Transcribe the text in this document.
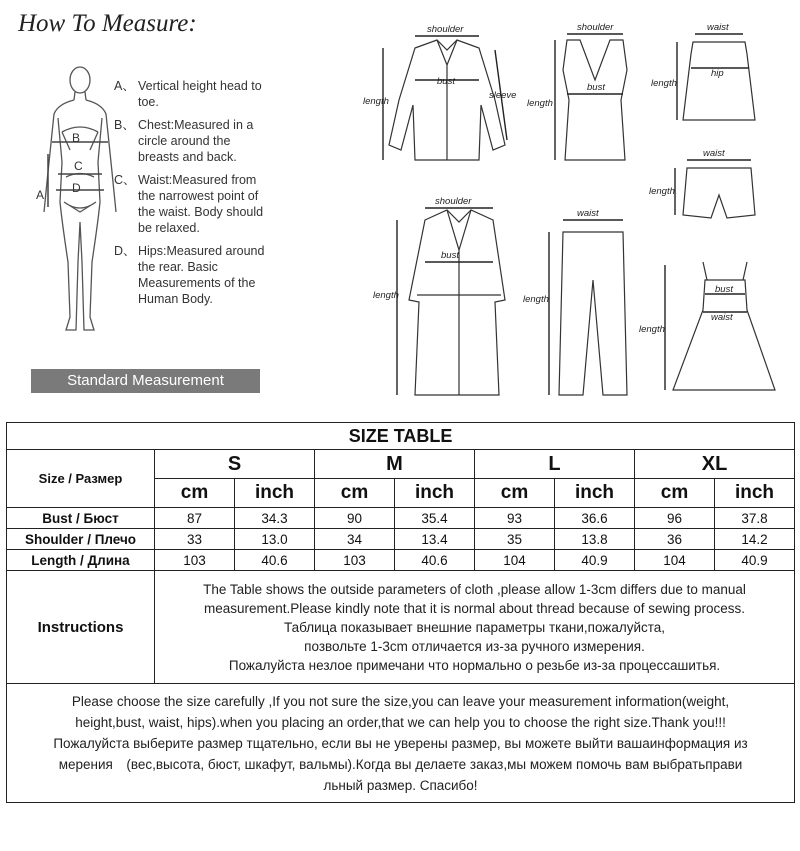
How To Measure:
B
C
D
A
A、 Vertical height head to toe.
B、 Chest:Measured in a circle around the breasts and back.
C、 Waist:Measured from the narrowest point of the waist. Body should be relaxed.
D、 Hips:Measured around the rear. Basic Measurements of the Human Body.
Standard Measurement
shoulder
bust
sleeve
length
shoulder
bust
length
waist
hip
length
waist
length
shoulder
bust
length
waist
length
bust
waist
length
SIZE TABLE								
Size / Размер	S		M		L		XL	
	cm	inch	cm	inch	cm	inch	cm	inch
Bust / Бюст	87	34.3	90	35.4	93	36.6	96	37.8
Shoulder / Плечо	33	13.0	34	13.4	35	13.8	36	14.2
Length / Длина	103	40.6	103	40.6	104	40.9	104	40.9
Instructions	The Table shows the outside parameters of cloth ,please allow 1-3cm differs due to manual
measurement.Please kindly note that it is normal about thread because of sewing process.
Таблица показывает внешние параметры ткани,пожалуйста,
позвольте 1-3cm отличается из-за ручного измерения.
Пожалуйста незлое примечани что нормально о резьбе из-за процессашитья.							

Please choose the size carefully ,If you not sure the size,you can leave your measurement information(weight,
height,bust, waist, hips).when you placing an order,that we can help you to choose the right size.Thank you!!!
Пожалуйста выберите размер тщательно, если вы не уверены размер, вы можете выйти вашаинформация из
мерения　(вес,высота, бюст, шкафут, вальмы).Когда вы делаете заказ,мы можем помочь вам выбратьправи
льный размер. Спасибо!								
